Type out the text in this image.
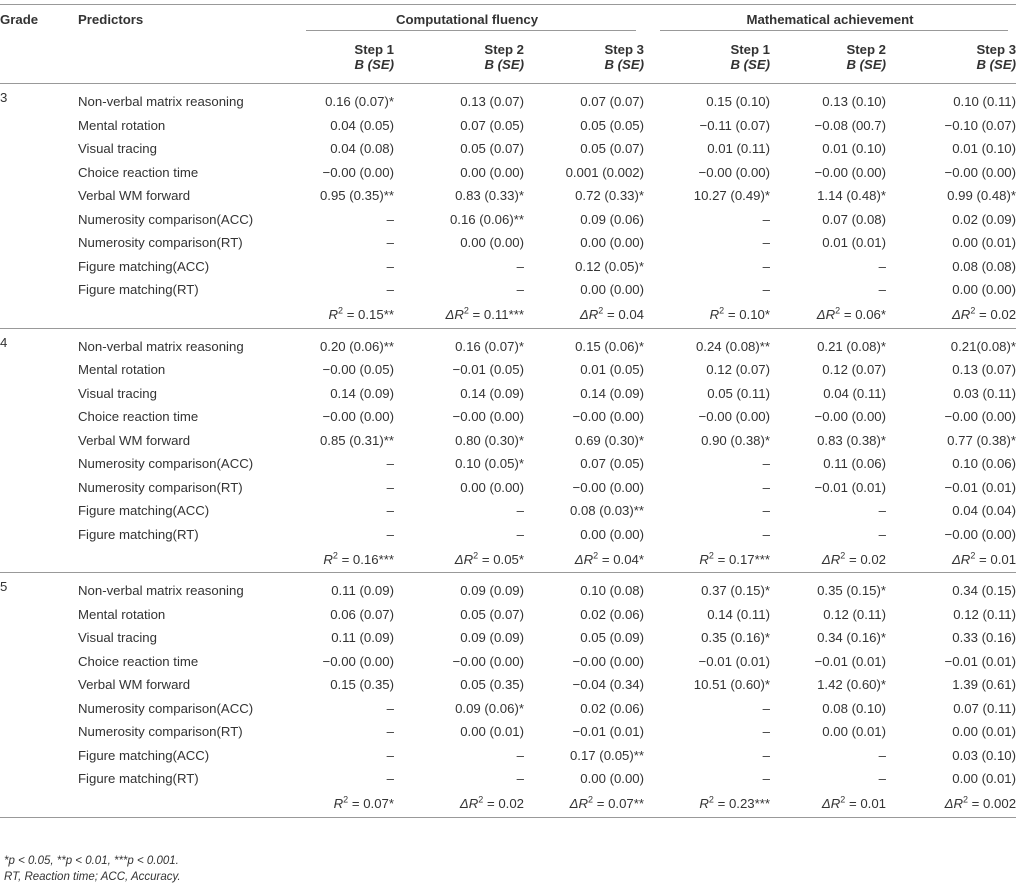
Grade	Predictors	Computational fluency			Mathematical achievement		

		Step 1	Step 2	Step 3	Step 1	Step 2	Step 3
		B (SE)	B (SE)	B (SE)	B (SE)	B (SE)	B (SE)
3	Non-verbal matrix reasoning	0.16 (0.07)*	0.13 (0.07)	0.07 (0.07)	0.15 (0.10)	0.13 (0.10)	0.10 (0.11)
	Mental rotation	0.04 (0.05)	0.07 (0.05)	0.05 (0.05)	−0.11 (0.07)	−0.08 (00.7)	−0.10 (0.07)
	Visual tracing	0.04 (0.08)	0.05 (0.07)	0.05 (0.07)	0.01 (0.11)	0.01 (0.10)	0.01 (0.10)
	Choice reaction time	−0.00 (0.00)	0.00 (0.00)	0.001 (0.002)	−0.00 (0.00)	−0.00 (0.00)	−0.00 (0.00)
	Verbal WM forward	0.95 (0.35)**	0.83 (0.33)*	0.72 (0.33)*	10.27 (0.49)*	1.14 (0.48)*	0.99 (0.48)*
	Numerosity comparison(ACC)	–	0.16 (0.06)**	0.09 (0.06)	–	0.07 (0.08)	0.02 (0.09)
	Numerosity comparison(RT)	–	0.00 (0.00)	0.00 (0.00)	–	0.01 (0.01)	0.00 (0.01)
	Figure matching(ACC)	–	–	0.12 (0.05)*	–	–	0.08 (0.08)
	Figure matching(RT)	–	–	0.00 (0.00)	–	–	0.00 (0.00)
		$R^2 = 0.15**$	$\Delta R^2 = 0.11***$	$\Delta R^2 = 0.04$	$R^2 = 0.10*$	$\Delta R^2 = 0.06*$	$\Delta R^2 = 0.02$
4	Non-verbal matrix reasoning	0.20 (0.06)**	0.16 (0.07)*	0.15 (0.06)*	0.24 (0.08)**	0.21 (0.08)*	0.21(0.08)*
	Mental rotation	−0.00 (0.05)	−0.01 (0.05)	0.01 (0.05)	0.12 (0.07)	0.12 (0.07)	0.13 (0.07)
	Visual tracing	0.14 (0.09)	0.14 (0.09)	0.14 (0.09)	0.05 (0.11)	0.04 (0.11)	0.03 (0.11)
	Choice reaction time	−0.00 (0.00)	−0.00 (0.00)	−0.00 (0.00)	−0.00 (0.00)	−0.00 (0.00)	−0.00 (0.00)
	Verbal WM forward	0.85 (0.31)**	0.80 (0.30)*	0.69 (0.30)*	0.90 (0.38)*	0.83 (0.38)*	0.77 (0.38)*
	Numerosity comparison(ACC)	–	0.10 (0.05)*	0.07 (0.05)	–	0.11 (0.06)	0.10 (0.06)
	Numerosity comparison(RT)	–	0.00 (0.00)	−0.00 (0.00)	–	−0.01 (0.01)	−0.01 (0.01)
	Figure matching(ACC)	–	–	0.08 (0.03)**	–	–	0.04 (0.04)
	Figure matching(RT)	–	–	0.00 (0.00)	–	–	−0.00 (0.00)
		$R^2 = 0.16***$	$\Delta R^2 = 0.05*$	$\Delta R^2 = 0.04*$	$R^2 = 0.17***$	$\Delta R^2 = 0.02$	$\Delta R^2 = 0.01$
5	Non-verbal matrix reasoning	0.11 (0.09)	0.09 (0.09)	0.10 (0.08)	0.37 (0.15)*	0.35 (0.15)*	0.34 (0.15)
	Mental rotation	0.06 (0.07)	0.05 (0.07)	0.02 (0.06)	0.14 (0.11)	0.12 (0.11)	0.12 (0.11)
	Visual tracing	0.11 (0.09)	0.09 (0.09)	0.05 (0.09)	0.35 (0.16)*	0.34 (0.16)*	0.33 (0.16)
	Choice reaction time	−0.00 (0.00)	−0.00 (0.00)	−0.00 (0.00)	−0.01 (0.01)	−0.01 (0.01)	−0.01 (0.01)
	Verbal WM forward	0.15 (0.35)	0.05 (0.35)	−0.04 (0.34)	10.51 (0.60)*	1.42 (0.60)*	1.39 (0.61)
	Numerosity comparison(ACC)	–	0.09 (0.06)*	0.02 (0.06)	–	0.08 (0.10)	0.07 (0.11)
	Numerosity comparison(RT)	–	0.00 (0.01)	−0.01 (0.01)	–	0.00 (0.01)	0.00 (0.01)
	Figure matching(ACC)	–	–	0.17 (0.05)**	–	–	0.03 (0.10)
	Figure matching(RT)	–	–	0.00 (0.00)	–	–	0.00 (0.01)
		$R^2 = 0.07*$	$\Delta R^2 = 0.02$	$\Delta R^2 = 0.07**$	$R^2 = 0.23***$	$\Delta R^2 = 0.01$	$\Delta R^2 = 0.002$
*p < 0.05, **p < 0.01, ***p < 0.001.
RT, Reaction time; ACC, Accuracy.
